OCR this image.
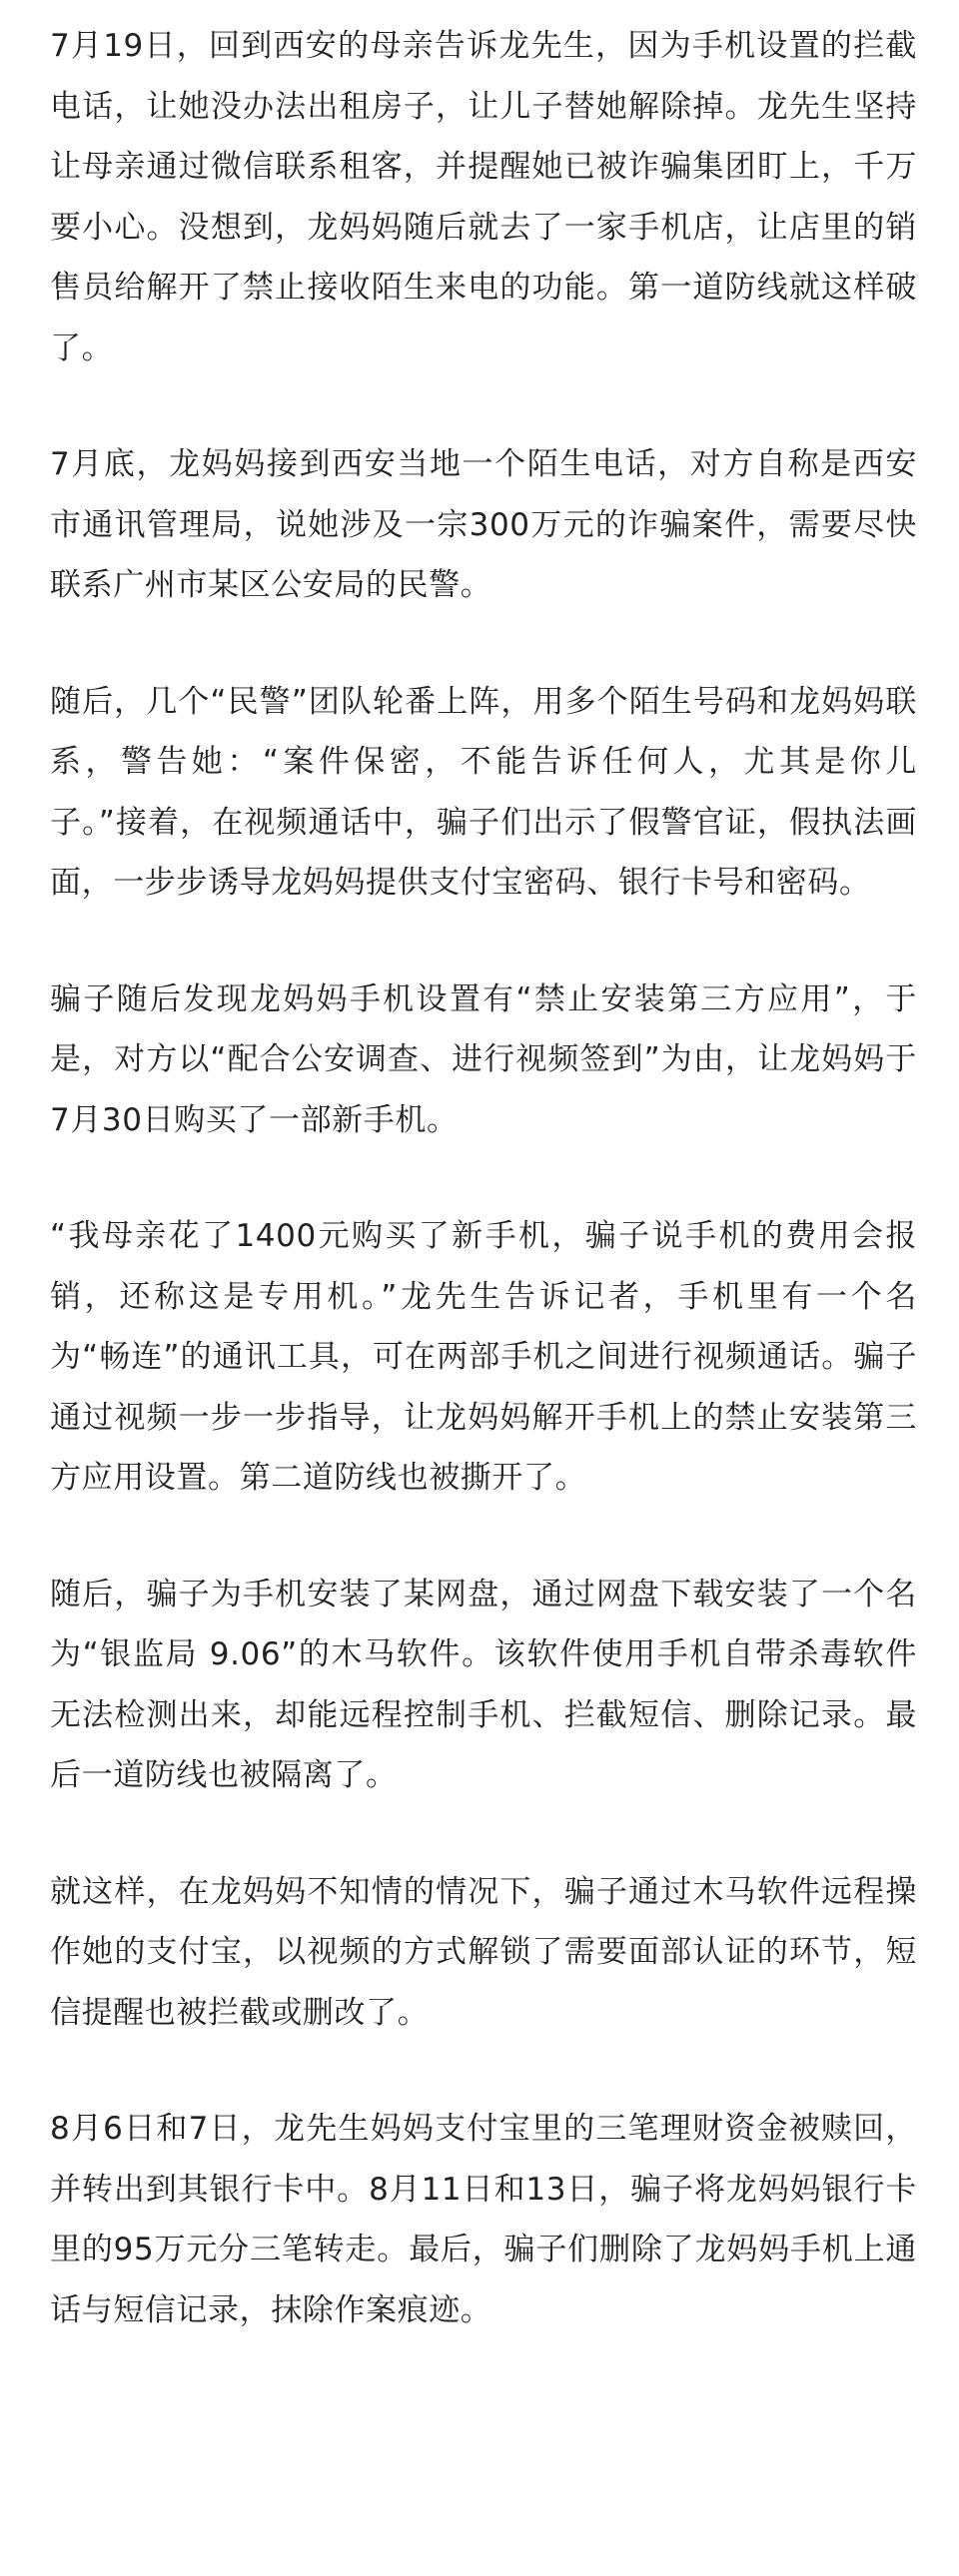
7月19日，回到西安的母亲告诉龙先生，因为手机设置的拦截电话，让她没办法出租房子，让儿子替她解除掉。龙先生坚持让母亲通过微信联系租客，并提醒她已被诈骗集团盯上，千万要小心。没想到，龙妈妈随后就去了一家手机店，让店里的销售员给解开了禁止接收陌生来电的功能。第一道防线就这样破了。

7月底，龙妈妈接到西安当地一个陌生电话，对方自称是西安市通讯管理局，说她涉及一宗300万元的诈骗案件，需要尽快联系广州市某区公安局的民警。

随后，几个“民警”团队轮番上阵，用多个陌生号码和龙妈妈联系，警告她：“案件保密，不能告诉任何人，尤其是你儿子。”接着，在视频通话中，骗子们出示了假警官证，假执法画面，一步步诱导龙妈妈提供支付宝密码、银行卡号和密码。

骗子随后发现龙妈妈手机设置有“禁止安装第三方应用”，于是，对方以“配合公安调查、进行视频签到”为由，让龙妈妈于7月30日购买了一部新手机。

“我母亲花了1400元购买了新手机，骗子说手机的费用会报销，还称这是专用机。”龙先生告诉记者，手机里有一个名为“畅连”的通讯工具，可在两部手机之间进行视频通话。骗子通过视频一步一步指导，让龙妈妈解开手机上的禁止安装第三方应用设置。第二道防线也被撕开了。

随后，骗子为手机安装了某网盘，通过网盘下载安装了一个名为“银监局 9.06”的木马软件。该软件使用手机自带杀毒软件无法检测出来，却能远程控制手机、拦截短信、删除记录。最后一道防线也被隔离了。

就这样，在龙妈妈不知情的情况下，骗子通过木马软件远程操作她的支付宝，以视频的方式解锁了需要面部认证的环节，短信提醒也被拦截或删改了。

8月6日和7日，龙先生妈妈支付宝里的三笔理财资金被赎回，并转出到其银行卡中。8月11日和13日，骗子将龙妈妈银行卡里的95万元分三笔转走。最后，骗子们删除了龙妈妈手机上通话与短信记录，抹除作案痕迹。
